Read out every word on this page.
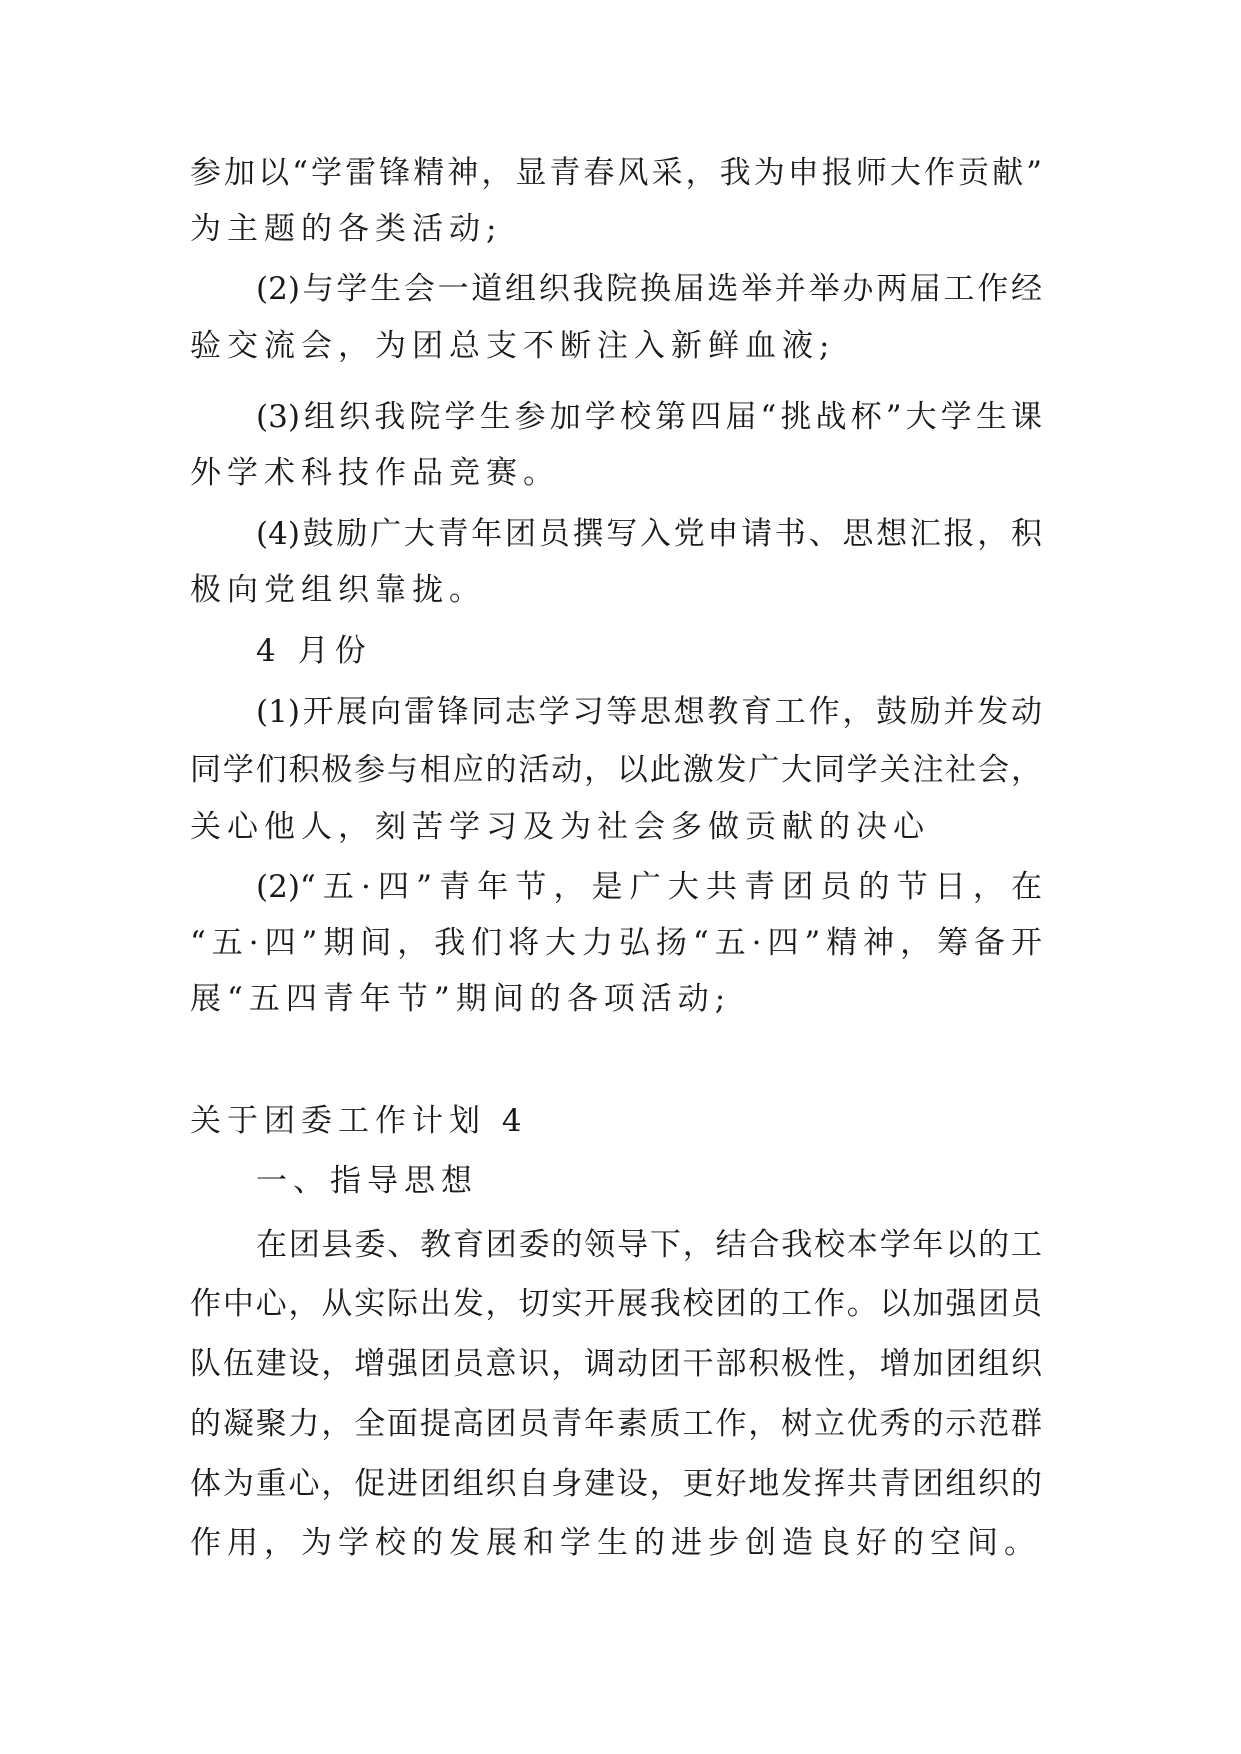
参加以“学雷锋精神，显青春风采，我为申报师大作贡献”
为主题的各类活动;
(2)与学生会一道组织我院换届选举并举办两届工作经
验交流会，为团总支不断注入新鲜血液;
(3)组织我院学生参加学校第四届“挑战杯”大学生课
外学术科技作品竞赛。
(4)鼓励广大青年团员撰写入党申请书、思想汇报，积
极向党组织靠拢。
4 月份
(1)开展向雷锋同志学习等思想教育工作，鼓励并发动
同学们积极参与相应的活动，以此激发广大同学关注社会，
关心他人，刻苦学习及为社会多做贡献的决心
(2)“五·四”青年节，是广大共青团员的节日，在
“五·四”期间，我们将大力弘扬“五·四”精神，筹备开
展“五四青年节”期间的各项活动;
关于团委工作计划 4
一、指导思想
在团县委、教育团委的领导下，结合我校本学年以的工
作中心，从实际出发，切实开展我校团的工作。以加强团员
队伍建设，增强团员意识，调动团干部积极性，增加团组织
的凝聚力，全面提高团员青年素质工作，树立优秀的示范群
体为重心，促进团组织自身建设，更好地发挥共青团组织的
作用，为学校的发展和学生的进步创造良好的空间。
